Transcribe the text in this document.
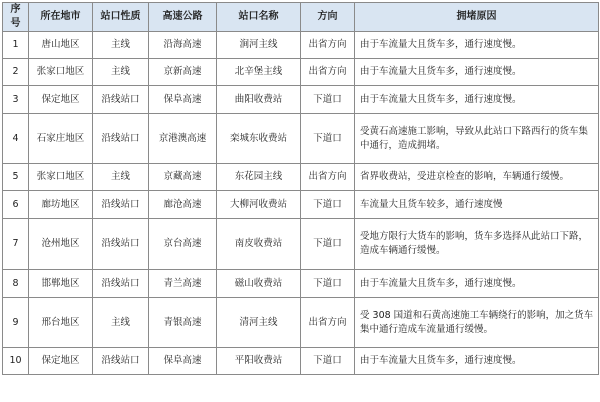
序号	所在地市	站口性质	高速公路	站口名称	方向	拥堵原因
1	唐山地区	主线	沿海高速	涧河主线	出省方向	由于车流量大且货车多，通行速度慢。
2	张家口地区	主线	京新高速	北辛堡主线	出省方向	由于车流量大且货车多，通行速度慢。
3	保定地区	沿线站口	保阜高速	曲阳收费站	下道口	由于车流量大且货车多，通行速度慢。
4	石家庄地区	沿线站口	京港澳高速	栾城东收费站	下道口	受黄石高速施工影响，导致从此站口下路西行的货车集中通行，造成拥堵。
5	张家口地区	主线	京藏高速	东花园主线	出省方向	省界收费站，受进京检查的影响，车辆通行缓慢。
6	廊坊地区	沿线站口	廊沧高速	大柳河收费站	下道口	车流量大且货车较多，通行速度慢
7	沧州地区	沿线站口	京台高速	南皮收费站	下道口	受地方限行大货车的影响，货车多选择从此站口下路，造成车辆通行缓慢。
8	邯郸地区	沿线站口	青兰高速	磁山收费站	下道口	由于车流量大且货车多，通行速度慢。
9	邢台地区	主线	青银高速	清河主线	出省方向	受 308 国道和石黄高速施工车辆绕行的影响，加之货车集中通行造成车流量通行缓慢。
10	保定地区	沿线站口	保阜高速	平阳收费站	下道口	由于车流量大且货车多，通行速度慢。
